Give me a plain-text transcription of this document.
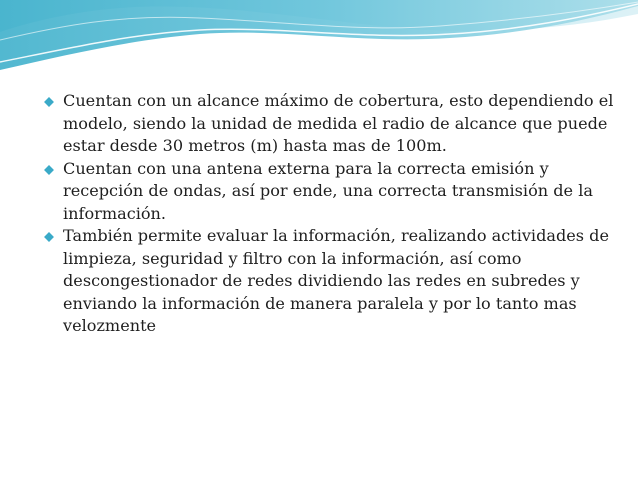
Cuentan con un alcance máximo de cobertura, esto dependiendo el modelo, siendo la unidad de medida el radio de alcance que puede estar desde 30 metros (m) hasta mas de 100m.
Cuentan con una antena externa para la correcta emisión y recepción de ondas, así por ende, una correcta transmisión de la información.
También permite evaluar la información, realizando actividades de limpieza, seguridad y filtro con la información, así como descongestionador de redes dividiendo las redes en subredes y enviando la información de manera paralela y por lo tanto mas velozmente
